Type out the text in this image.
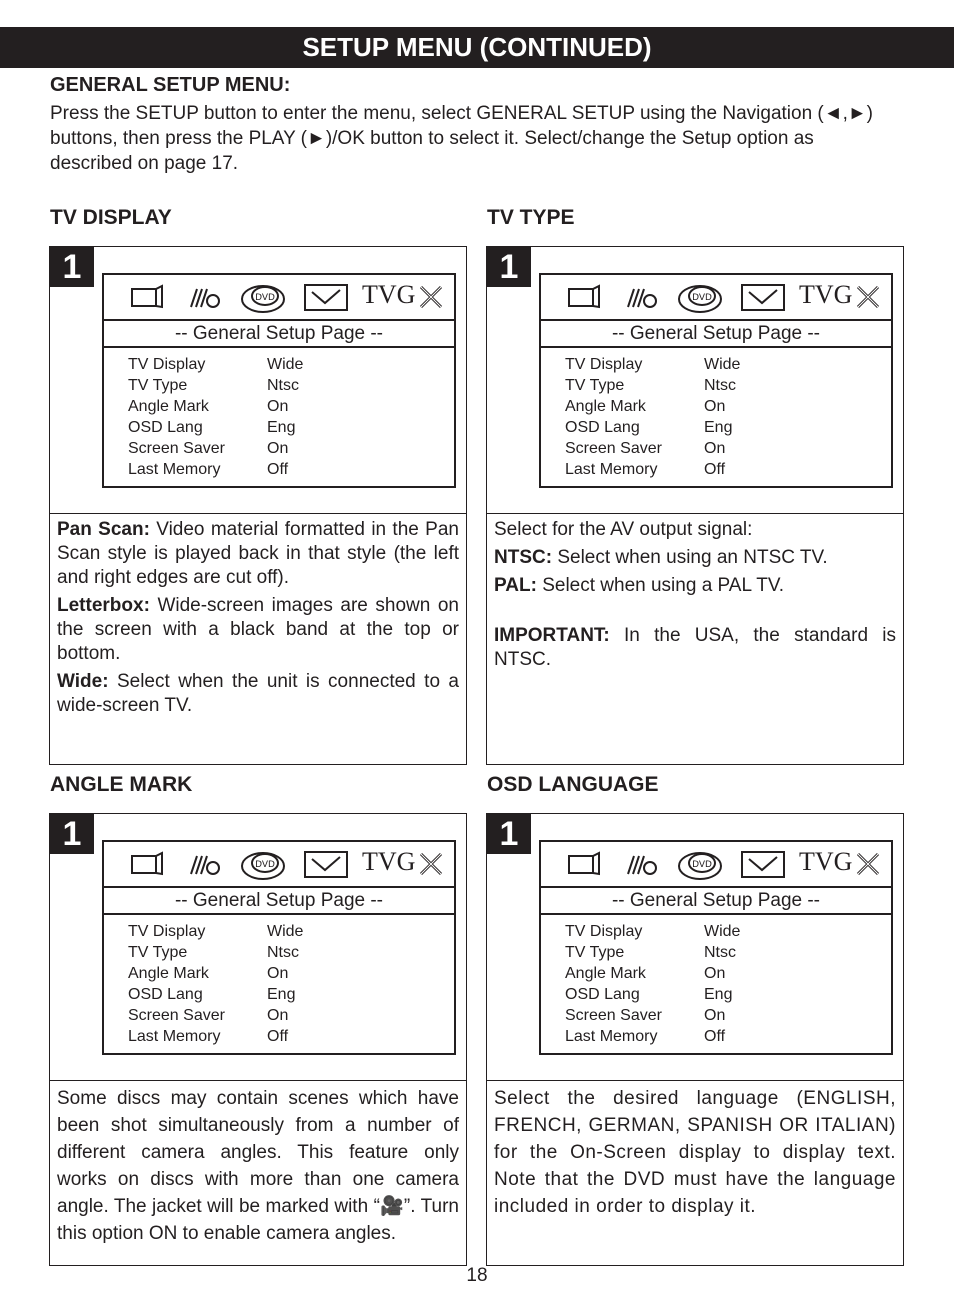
SETUP MENU (CONTINUED)
GENERAL SETUP MENU:
Press the SETUP button to enter the menu, select GENERAL SETUP using the Navigation (◄,►) buttons, then press the PLAY (►)/OK button to select it. Select/change the Setup option as described on page 17.
TV DISPLAY
1
DVD	TVG
-- General Setup Page --
TV Display	Wide
TV Type	Ntsc
Angle Mark	On
OSD Lang	Eng
Screen Saver	On
Last Memory	Off

Pan Scan: Video material formatted in the Pan Scan style is played back in that style (the left and right edges are cut off).

Letterbox: Wide-screen images are shown on the screen with a black band at the top or bottom.

Wide: Select when the unit is connected to a wide-screen TV.

TV TYPE
1
DVD	TVG
-- General Setup Page --
TV Display	Wide
TV Type	Ntsc
Angle Mark	On
OSD Lang	Eng
Screen Saver	On
Last Memory	Off

Select for the AV output signal:

NTSC: Select when using an NTSC TV.

PAL: Select when using a PAL TV.

IMPORTANT: In the USA, the standard is NTSC.

ANGLE MARK
1
DVD	TVG
-- General Setup Page --
TV Display	Wide
TV Type	Ntsc
Angle Mark	On
OSD Lang	Eng
Screen Saver	On
Last Memory	Off

Some discs may contain scenes which have been shot simultaneously from a number of different camera angles. This feature only works on discs with more than one camera angle. The jacket will be marked with “🎥”. Turn this option ON to enable camera angles.

OSD LANGUAGE
1
DVD	TVG
-- General Setup Page --
TV Display	Wide
TV Type	Ntsc
Angle Mark	On
OSD Lang	Eng
Screen Saver	On
Last Memory	Off

Select the desired language (ENGLISH, FRENCH, GERMAN, SPANISH OR ITALIAN) for the On-Screen display to display text. Note that the DVD must have the language included in order to display it.

18
